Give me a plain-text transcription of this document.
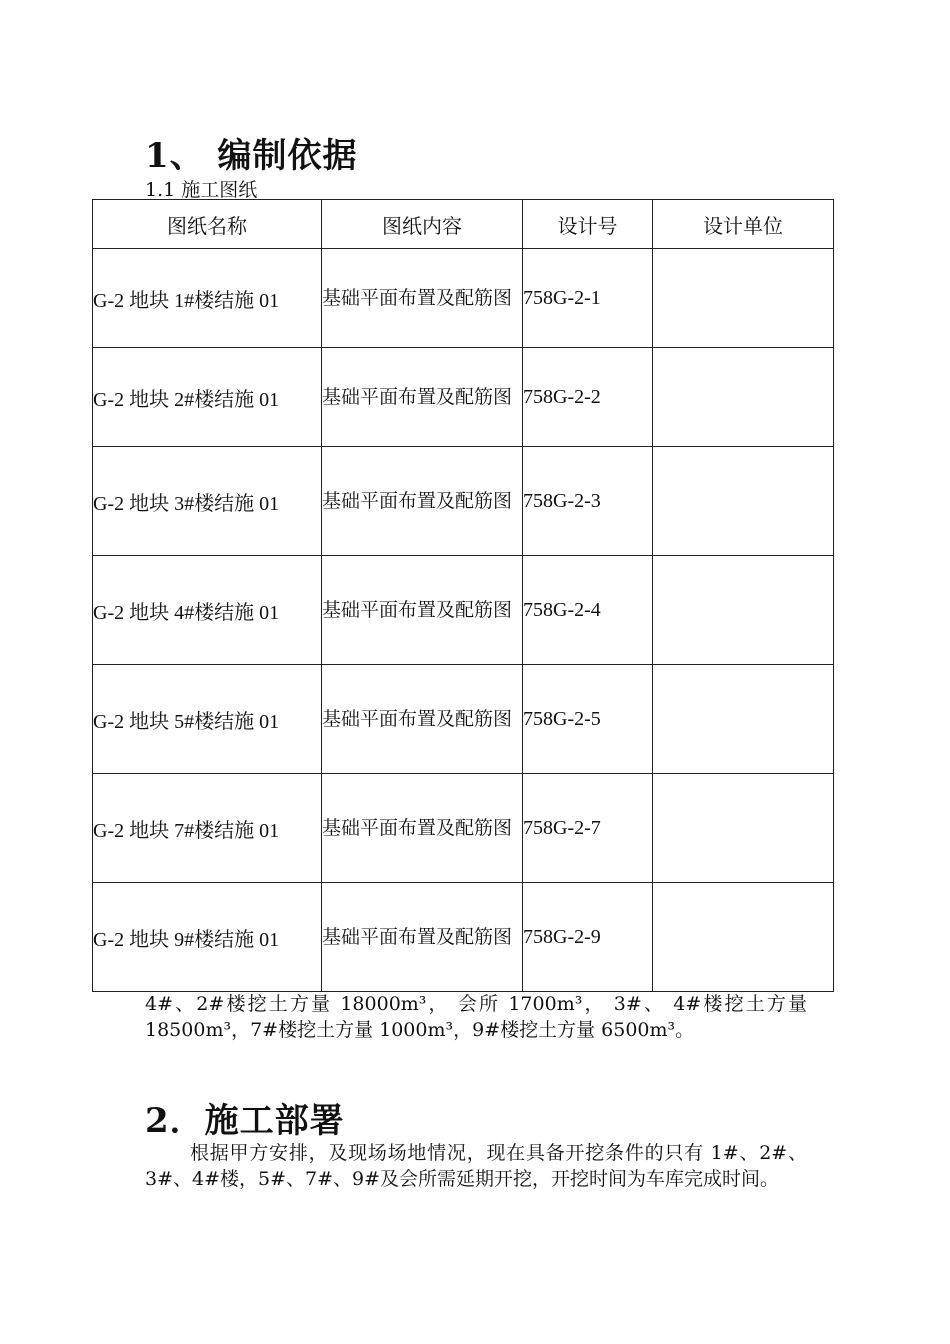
1、 编制依据

1.1 施工图纸

图纸名称	图纸内容	设计号	设计单位
G-2 地块 1#楼结施 01	基础平面布置及配筋图	758G-2-1	
G-2 地块 2#楼结施 01	基础平面布置及配筋图	758G-2-2	
G-2 地块 3#楼结施 01	基础平面布置及配筋图	758G-2-3	
G-2 地块 4#楼结施 01	基础平面布置及配筋图	758G-2-4	
G-2 地块 5#楼结施 01	基础平面布置及配筋图	758G-2-5	
G-2 地块 7#楼结施 01	基础平面布置及配筋图	758G-2-7	
G-2 地块 9#楼结施 01	基础平面布置及配筋图	758G-2-9	

4#、2#楼挖土方量 18000m³， 会所 1700m³， 3#、 4#楼挖土方量 18500m³，7#楼挖土方量 1000m³，9#楼挖土方量 6500m³。

2．施工部署

根据甲方安排，及现场场地情况，现在具备开挖条件的只有 1#、2#、3#、4#楼，5#、7#、9#及会所需延期开挖，开挖时间为车库完成时间。
